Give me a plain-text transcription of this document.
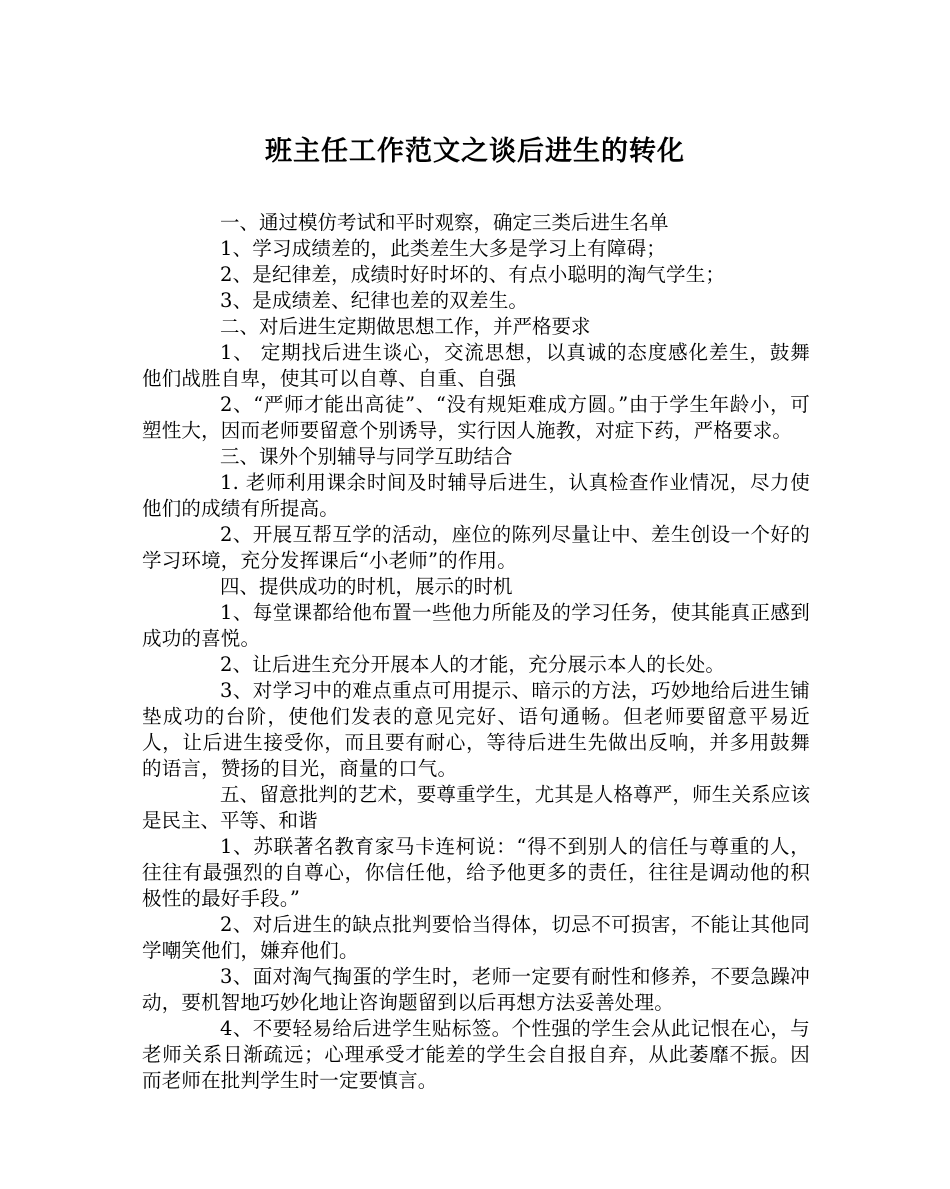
班主任工作范文之谈后进生的转化

一、通过模仿考试和平时观察，确定三类后进生名单

1、学习成绩差的，此类差生大多是学习上有障碍；

2、是纪律差，成绩时好时坏的、有点小聪明的淘气学生；

3、是成绩差、纪律也差的双差生。

二、对后进生定期做思想工作，并严格要求

1、 定期找后进生谈心，交流思想，以真诚的态度感化差生，鼓舞他们战胜自卑，使其可以自尊、自重、自强

2、“严师才能出高徒”、“没有规矩难成方圆。”由于学生年龄小，可塑性大，因而老师要留意个别诱导，实行因人施教，对症下药，严格要求。

三、课外个别辅导与同学互助结合

1. 老师利用课余时间及时辅导后进生，认真检查作业情况，尽力使他们的成绩有所提高。

2、开展互帮互学的活动，座位的陈列尽量让中、差生创设一个好的学习环境，充分发挥课后“小老师”的作用。

四、提供成功的时机，展示的时机

1、每堂课都给他布置一些他力所能及的学习任务，使其能真正感到成功的喜悦。

2、让后进生充分开展本人的才能，充分展示本人的长处。

3、对学习中的难点重点可用提示、暗示的方法，巧妙地给后进生铺垫成功的台阶，使他们发表的意见完好、语句通畅。但老师要留意平易近人，让后进生接受你，而且要有耐心，等待后进生先做出反响，并多用鼓舞的语言，赞扬的目光，商量的口气。

五、留意批判的艺术，要尊重学生，尤其是人格尊严，师生关系应该是民主、平等、和谐

1、苏联著名教育家马卡连柯说：“得不到别人的信任与尊重的人，往往有最强烈的自尊心，你信任他，给予他更多的责任，往往是调动他的积极性的最好手段。”

2、对后进生的缺点批判要恰当得体，切忌不可损害，不能让其他同学嘲笑他们，嫌弃他们。

3、面对淘气掏蛋的学生时，老师一定要有耐性和修养，不要急躁冲动，要机智地巧妙化地让咨询题留到以后再想方法妥善处理。

4、不要轻易给后进学生贴标签。个性强的学生会从此记恨在心，与老师关系日渐疏远；心理承受才能差的学生会自报自弃，从此萎靡不振。因而老师在批判学生时一定要慎言。
